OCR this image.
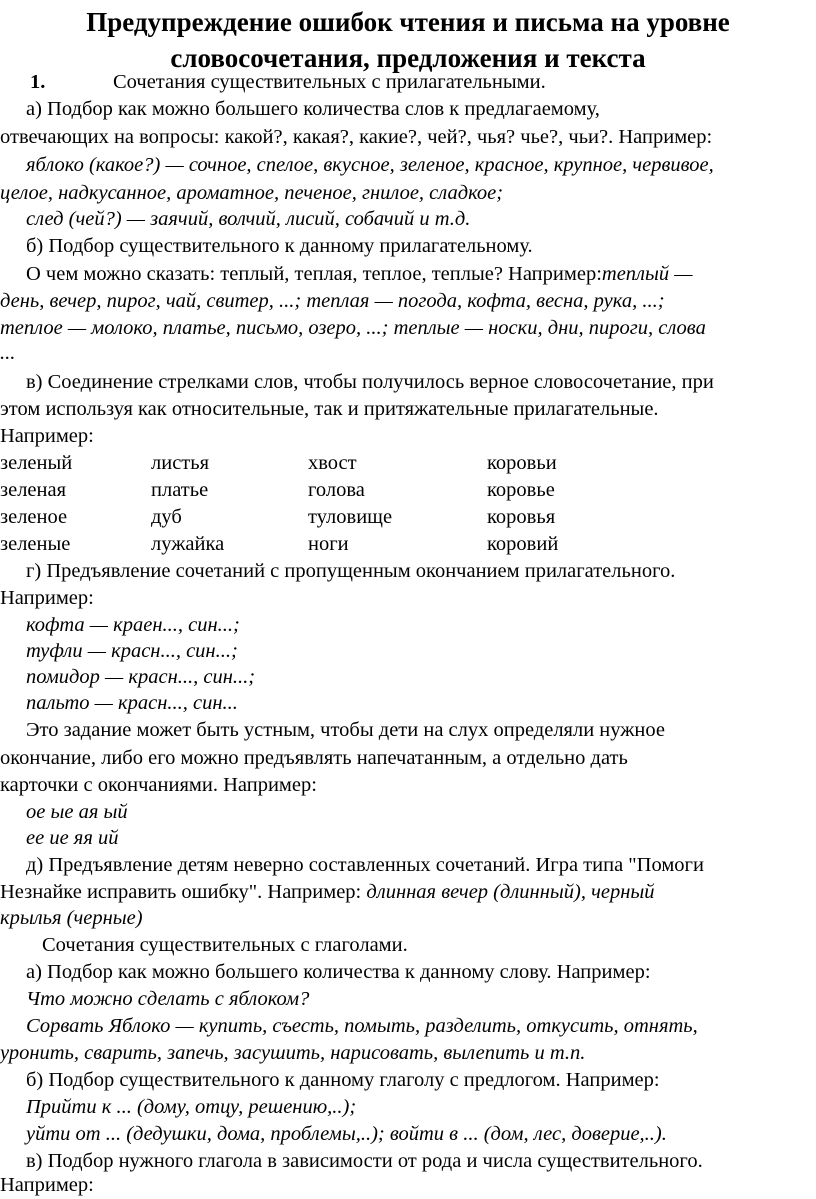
Предупреждение ошибок чтения и письма на уровне
словосочетания, предложения и текста
1.	Сочетания существительных с прилагательными.
а) Подбор как можно большего количества слов к предлагаемому,
отвечающих на вопросы: какой?, какая?, какие?, чей?, чья? чье?, чьи?. Например:
яблоко (какое?) — сочное, спелое, вкусное, зеленое, красное, крупное, червивое,
целое, надкусанное, ароматное, печеное, гнилое, сладкое;
след (чей?) — заячий, волчий, лисий, собачий и т.д.
б) Подбор существительного к данному прилагательному.
О чем можно сказать: теплый, теплая, теплое, теплые? Например:теплый —
день, вечер, пирог, чай, свитер, ...; теплая — погода, кофта, весна, рука, ...;
теплое — молоко, платье, письмо, озеро, ...; теплые — носки, дни, пироги, слова
...
в) Соединение стрелками слов, чтобы получилось верное словосочетание, при
этом используя как относительные, так и притяжательные прилагательные.
Например:
зеленый
зеленая
зеленое
зеленые
листья
платье
дуб
лужайка
хвост
голова
туловище
ноги
коровьи
коровье
коровья
коровий
г) Предъявление сочетаний с пропущенным окончанием прилагательного.
Например:
кофта — краен..., син...;
туфли — красн..., син...;
помидор — красн..., син...;
пальто — красн..., син...
Это задание может быть устным, чтобы дети на слух определяли нужное
окончание, либо его можно предъявлять напечатанным, а отдельно дать
карточки с окончаниями. Например:
ое ые ая ый
ее ие яя ий
д) Предъявление детям неверно составленных сочетаний. Игра типа "Помоги
Незнайке исправить ошибку". Например: длинная вечер (длинный), черный
крылья (черные)
Сочетания существительных с глаголами.
а) Подбор как можно большего количества к данному слову. Например:
Что можно сделать с яблоком?
Сорвать Яблоко — купить, съесть, помыть, разделить, откусить, отнять,
уронить, сварить, запечь, засушить, нарисовать, вылепить и т.п.
б) Подбор существительного к данному глаголу с предлогом. Например:
Прийти к ... (дому, отцу, решению,..);
уйти от ... (дедушки, дома, проблемы,..); войти в ... (дом, лес, доверие,..).
в) Подбор нужного глагола в зависимости от рода и числа существительного.
Например:
